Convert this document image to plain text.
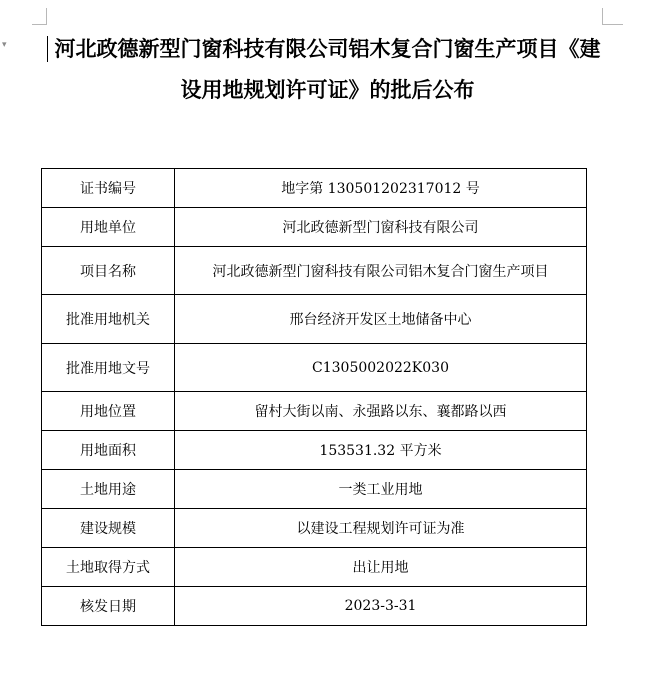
▾	河北政德新型门窗科技有限公司铝木复合门窗生产项目《建
设用地规划许可证》的批后公布
证书编号	地字第 130501202317012 号
用地单位	河北政德新型门窗科技有限公司
项目名称	河北政德新型门窗科技有限公司铝木复合门窗生产项目
批准用地机关	邢台经济开发区土地储备中心
批准用地文号	C1305002022K030
用地位置	留村大街以南、永强路以东、襄都路以西
用地面积	153531.32 平方米
土地用途	一类工业用地
建设规模	以建设工程规划许可证为准
土地取得方式	出让用地
核发日期	2023-3-31
